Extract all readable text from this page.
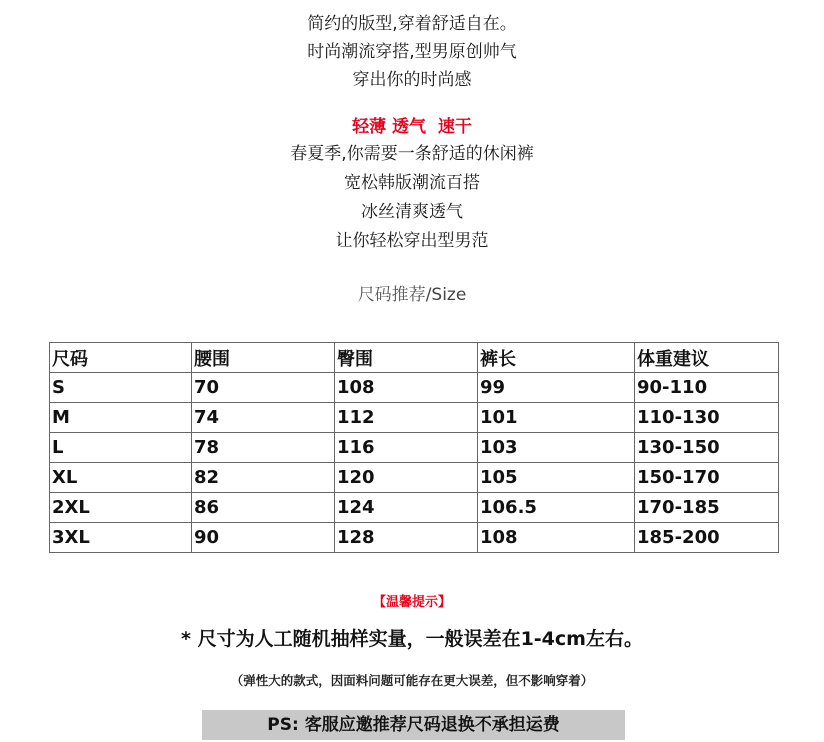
简约的版型,穿着舒适自在。
时尚潮流穿搭,型男原创帅气
穿出你的时尚感
轻薄 透气  速干
春夏季,你需要一条舒适的休闲裤
宽松韩版潮流百搭
冰丝清爽透气
让你轻松穿出型男范
尺码推荐/Size
尺码	腰围	臀围	裤长	体重建议
S	70	108	99	90-110
M	74	112	101	110-130
L	78	116	103	130-150
XL	82	120	105	150-170
2XL	86	124	106.5	170-185
3XL	90	128	108	185-200
【温馨提示】
* 尺寸为人工随机抽样实量，一般误差在1-4cm左右。
（弹性大的款式，因面料问题可能存在更大误差，但不影响穿着）
PS: 客服应邀推荐尺码退换不承担运费
